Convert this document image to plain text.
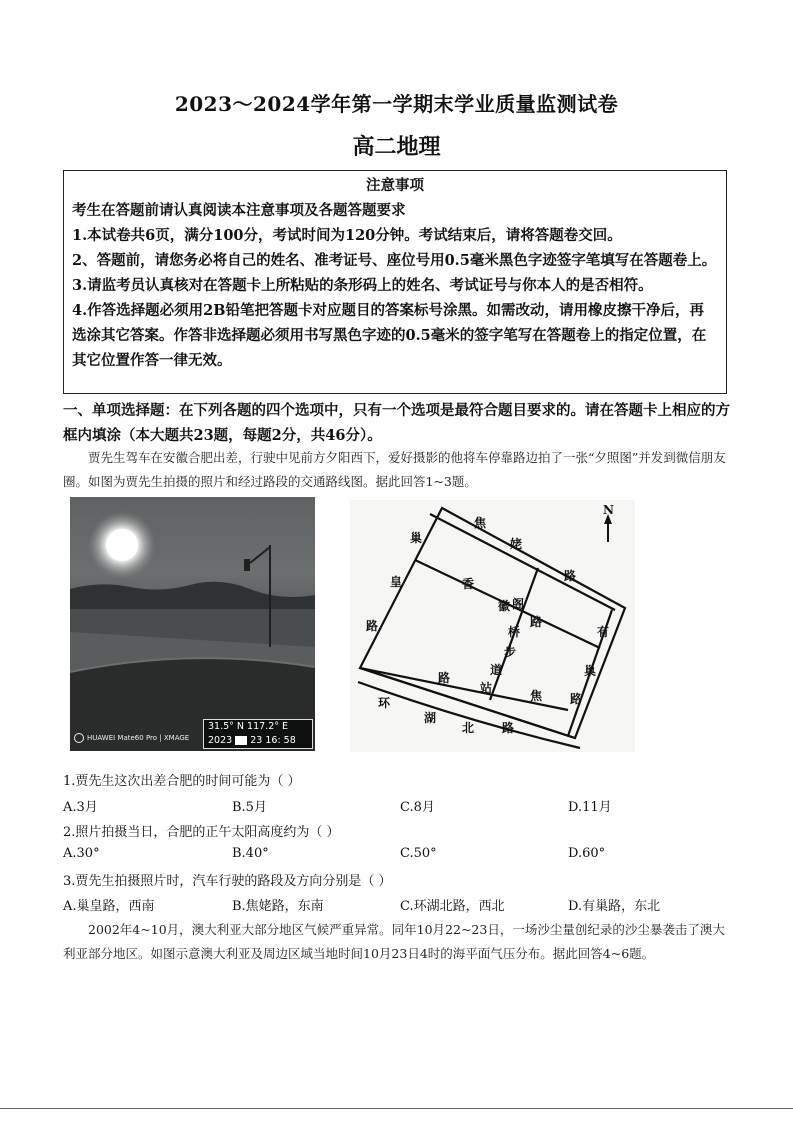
2023～2024学年第一学期末学业质量监测试卷
高二地理

注意事项

考生在答题前请认真阅读本注意事项及各题答题要求

1.本试卷共6页，满分100分，考试时间为120分钟。考试结束后，请将答题卷交回。

2、答题前，请您务必将自己的姓名、准考证号、座位号用0.5毫米黑色字迹签字笔填写在答题卷上。

3.请监考员认真核对在答题卡上所粘贴的条形码上的姓名、考试证号与你本人的是否相符。

4.作答选择题必须用2B铅笔把答题卡对应题目的答案标号涂黑。如需改动，请用橡皮擦干净后，再选涂其它答案。作答非选择题必须用书写黑色字迹的0.5毫米的签字笔写在答题卷上的指定位置，在其它位置作答一律无效。

一、单项选择题：在下列各题的四个选项中，只有一个选项是最符合题目要求的。请在答题卡上相应的方框内填涂（本大题共23题，每题2分，共46分）。
贾先生驾车在安徽合肥出差，行驶中见前方夕阳西下，爱好摄影的他将车停靠路边拍了一张“夕照图”并发到微信朋友圈。如图为贾先生拍摄的照片和经过路段的交通路线图。据此回答1~3题。
HUAWEI Mate60 Pro | XMAGE
31.5° N 117.2° E
2023 23 16: 58
N
焦
姥
路
巢
皇
路
香
徽 阁
路
桥
步
道
有
巢
路
路
站
焦
环
湖
北 路
1.贾先生这次出差合肥的时间可能为（ ）
A.3月	B.5月	C.8月	D.11月
2.照片拍摄当日，合肥的正午太阳高度约为（ ）
A.30°	B.40°	C.50°	D.60°
3.贾先生拍摄照片时，汽车行驶的路段及方向分别是（ ）
A.巢皇路，西南	B.焦姥路，东南	C.环湖北路，西北	D.有巢路，东北
2002年4~10月，澳大利亚大部分地区气候严重异常。同年10月22~23日，一场沙尘量创纪录的沙尘暴袭击了澳大利亚部分地区。如图示意澳大利亚及周边区域当地时间10月23日4时的海平面气压分布。据此回答4~6题。
